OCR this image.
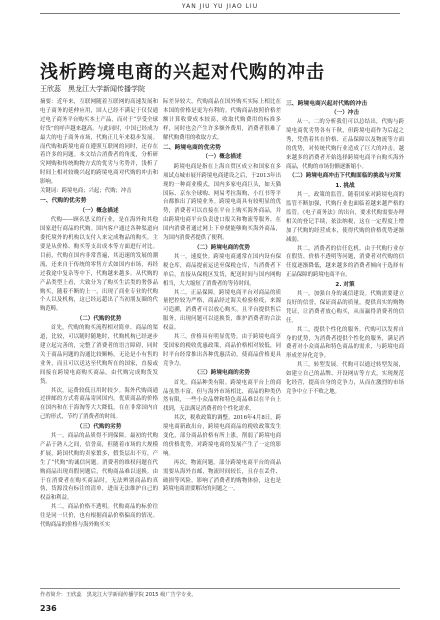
YAN JIU YU JIAO LIU
浅析跨境电商的兴起对代购的冲击
王欣蕊　黑龙江大学新闻传播学院

摘要：近年来，互联网随着互联网的高速发展和电子商务的延伸应用，国人已经不满足于仅仅通过电子商务平台购买本土产品，而对于“享受全球好货”的呼声越来越高。与此同时，中国已经成为最大的电子商务市场，代购正几年来稳步发展。而代购和跨境电商在遵照互联网的同时，还存在着许多的问题。本文结合消费者的角度，分析研究网购和传统购物方式的优劣与劣势并，浅析了时间上相对较晚兴起的跨境电商对代购的冲击和影响。

关键词：跨境电商；兴起；代购；冲击

一、代购的优劣势
（一）概念描述

代购——顾名思义的行业，是在海外和其他国家进行商品的代购。国内客户通过各种渠道向委托境外的机构以支付人来完成物品的购买。主要是从价格、购买等支出成本等方面进行对比。目前，代购在国内非常普遍，其迅速的发展的潮流，还来自于传统的零售方式如国内市场，再经过我途中复杂等中下，代购越来越多。从代购的产品类型上看，大致分为了购买生活类的奢侈品购买，随着不断的上一，出现了商业专业的代购个人以及机构，这已经远超出了当初朋友圈的代购范畴。

（二）代购的优势

首先，代购的购买流程相对简单。商品的渠道，比较，可以随时随地时，代购机构已经逐步建立起完善的，完整了消费者的语言障碍，同时关于商品问题的沟通比较顺畅。无论是小有售的业务，而且可以送达至代购所在的国家，直接或间接在跨境电商购买商品，由代购完成购货发货。

其次，运费较低且用时较少。海外代购商通过拼邮的方式将商品寄回国内，优质商品的价格在国内和在于海淘等大大降低，在在非常国内自己的形式，节约了消费者的时间。

（三）代购的劣势

其一，商品的品质得不到保障。最初的代购产品于熟人之间，信誉高，但随着市场的大规模扩展，跨国代购的卖家繁多，假货层出不穷，产生了“代购”的诚信问题。消费者的维权问题在代购商品出现真假问题后，代购商品难以退换。由于在消费者在购买商品时，无法辨别商品的真伪，货源没有标注的清单，进而无法维护自己的权益和利益。

其二，商品价格不透明。代购商品的标价往往是同一只价，也有根据商品价格偏高的情况。代购商品的价格与海外购买实

际差异较大，代购商品在国外购买实际上相比在本国的价格是更为有利的。代购商品按照价格差额计算收费成本较高，收取代购费用的标准多样，同时也会产生许多额外费用，消费者很难了解代购费用的收取方式。

二、跨境电商的优劣势
（一）概念描述

跨境电商是指在上海自贸区成立和国家在多项试点城市展开跨境电商建设之后，于2013年出现的一种商业模式，国内多家电商巨头，如天猫国际、京东全球购、网易考拉海购、小红书等平台都推出了跨境业务。跨境电商具有较明显的优势，消费者可以直接在平台上购买海外商品，并由跨境电商平台负责进口报关和物流等服务，在国内消费者通过网上下单便能够购买海外商品，为国内消费者提供了便利。

（二）跨境电商的优势

其一，速度快。跨境电商通常在国内设有保税仓库，商品提前运送至保税仓库，当消费者下单后，直接从保税区发货，配送时间与国内网购相当，大大缩短了消费者的等待时间。

其二，正品保障。跨境电商平台对商品的质量把控较为严格，商品经过海关检验检疫，来源可追溯，消费者可以放心购买，且平台提供售后服务，出现问题可以退换货，维护消费者的合法权益。

其三，价格具有明显优势。由于跨境电商享受国家的税收优惠政策，商品价格相对较低，同时平台经常推出各种优惠活动，使商品价格更具竞争力。

（三）跨境电商的劣势

首先，商品种类有限。跨境电商平台上的商品虽然丰富，但与海外市场相比，商品的种类仍然有限，一些小众品牌和特色商品难以在平台上找到，无法满足消费者的个性化需求。

其次，税收政策的调整。2016年4月8日，跨境电商新政出台，跨境电商商品的税收政策发生变化，部分商品价格有所上涨，削弱了跨境电商的价格优势，对跨境电商的发展产生了一定的影响。

再次，物流问题。部分跨境电商平台的商品需要从海外直邮，物流时间较长，且存在丢件、破损等风险，影响了消费者的购物体验，这也是跨境电商需要解决的问题之一。

三、跨境电商兴起对代购的冲击
（一）冲击

从一、二的分析我们可以总结出，代购与跨境电商优劣势各有千秋，但跨境电商作为后起之秀，凭借着其在价格、正品保障以及物流等方面的优势，对传统代购行业造成了巨大的冲击。越来越多的消费者开始选择跨境电商平台购买海外商品，代购的市场份额逐渐缩小。

（二）跨境电商冲击下代购面临的挑战与对策
1. 挑战

其一，政策的监管。随着国家对跨境电商的监管不断加强，代购行业也面临着越来越严格的监管。《电子商务法》的出台，要求代购需要办理相关的登记手续，依法纳税，这在一定程度上增加了代购的经营成本，使得代购的价格优势逐渐减弱。

其二，消费者的信任危机。由于代购行业存在假货、价格不透明等问题，消费者对代购的信任度逐渐降低，越来越多的消费者倾向于选择有正品保障的跨境电商平台。

2. 对策

其一，加强自身的诚信建设。代购需要建立良好的信誉，保证商品的质量，提供真实的购物凭证，让消费者放心购买，从而赢得消费者的信任。

其二，提供个性化的服务。代购可以发挥自身的优势，为消费者提供个性化的服务，满足消费者对小众商品和特色商品的需求，与跨境电商形成差异化竞争。

其三，转型发展。代购可以通过转型发展，如建立自己的品牌、开设网店等方式，实现规范化经营，提高自身的竞争力，从而在激烈的市场竞争中立于不败之地。

作者简介：王欣蕊　黑龙江大学新闻传播学院 2015 级广告学专业。
236
